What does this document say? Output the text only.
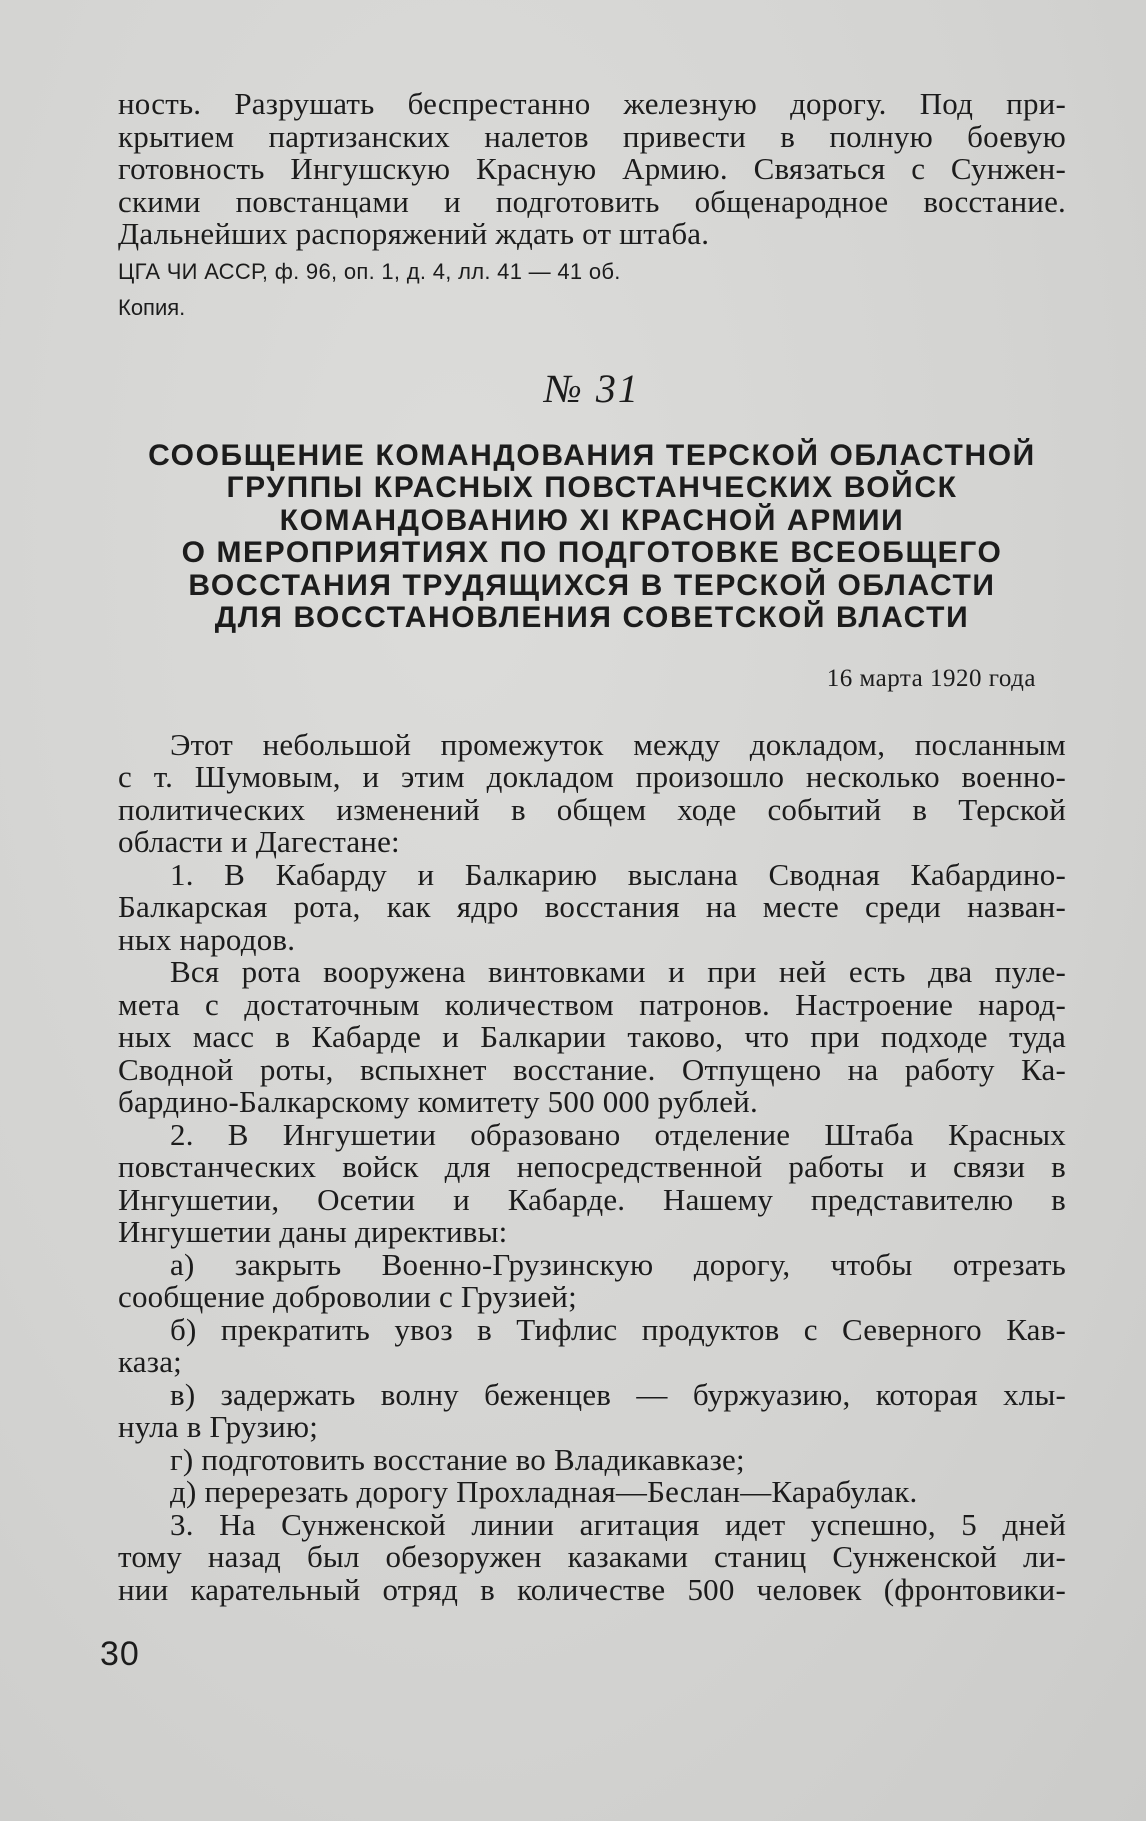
ность. Разрушать беспрестанно железную дорогу. Под при-
крытием партизанских налетов привести в полную боевую
готовность Ингушскую Красную Армию. Связаться с Сунжен-
скими повстанцами и подготовить общенародное восстание.
Дальнейших распоряжений ждать от штаба.
ЦГА ЧИ АССР, ф. 96, оп. 1, д. 4, лл. 41 — 41 об.
Копия.
№ 31
СООБЩЕНИЕ КОМАНДОВАНИЯ ТЕРСКОЙ ОБЛАСТНОЙ
ГРУППЫ КРАСНЫХ ПОВСТАНЧЕСКИХ ВОЙСК
КОМАНДОВАНИЮ XI КРАСНОЙ АРМИИ
О МЕРОПРИЯТИЯХ ПО ПОДГОТОВКЕ ВСЕОБЩЕГО
ВОССТАНИЯ ТРУДЯЩИХСЯ В ТЕРСКОЙ ОБЛАСТИ
ДЛЯ ВОССТАНОВЛЕНИЯ СОВЕТСКОЙ ВЛАСТИ
16 марта 1920 года
Этот небольшой промежуток между докладом, посланным
с т. Шумовым, и этим докладом произошло несколько военно-
политических изменений в общем ходе событий в Терской
области и Дагестане:
1. В Кабарду и Балкарию выслана Сводная Кабардино-
Балкарская рота, как ядро восстания на месте среди назван-
ных народов.
Вся рота вооружена винтовками и при ней есть два пуле-
мета с достаточным количеством патронов. Настроение народ-
ных масс в Кабарде и Балкарии таково, что при подходе туда
Сводной роты, вспыхнет восстание. Отпущено на работу Ка-
бардино-Балкарскому комитету 500 000 рублей.
2. В Ингушетии образовано отделение Штаба Красных
повстанческих войск для непосредственной работы и связи в
Ингушетии, Осетии и Кабарде. Нашему представителю в
Ингушетии даны директивы:
а) закрыть Военно-Грузинскую дорогу, чтобы отрезать
сообщение доброволии с Грузией;
б) прекратить увоз в Тифлис продуктов с Северного Кав-
каза;
в) задержать волну беженцев — буржуазию, которая хлы-
нула в Грузию;
г) подготовить восстание во Владикавказе;
д) перерезать дорогу Прохладная—Беслан—Карабулак.
3. На Сунженской линии агитация идет успешно, 5 дней
тому назад был обезоружен казаками станиц Сунженской ли-
нии карательный отряд в количестве 500 человек (фронтовики-
30
